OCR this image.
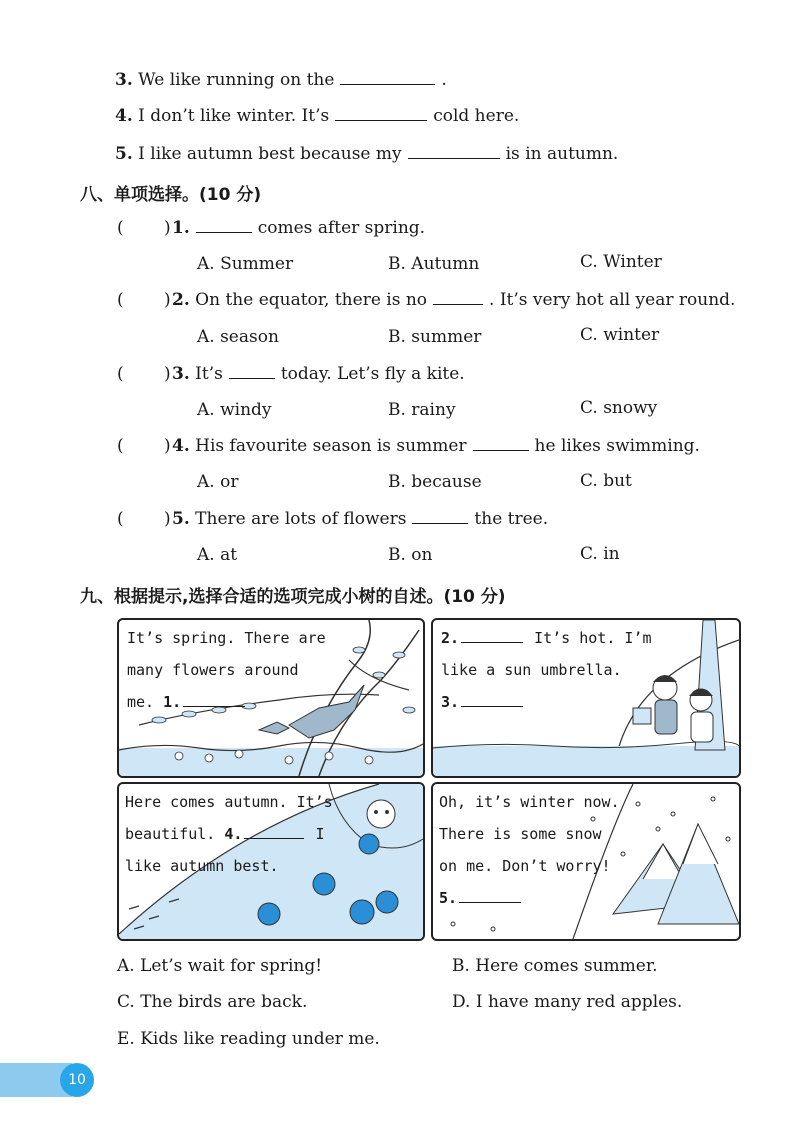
3. We like running on the	.
4. I don’t like winter. It’s	cold here.
5. I like autumn best because my	is in autumn.
八、单项选择。(10 分)
( ) 1.	comes after spring.
A. Summer	B. Autumn	C. Winter
( ) 2. On the equator, there is no	. It’s very hot all year round.
A. season	B. summer	C. winter
( ) 3. It’s	today. Let’s fly a kite.
A. windy	B. rainy	C. snowy
( ) 4. His favourite season is summer	he likes swimming.
A. or	B. because	C. but
( ) 5. There are lots of flowers	the tree.
A. at	B. on	C. in
九、根据提示,选择合适的选项完成小树的自述。(10 分)
It’s spring. There are
many flowers around
me. 1.
2.	It’s hot. I’m
like a sun umbrella.
3.
Here comes autumn. It’s
beautiful. 4.	I
like autumn best.
Oh, it’s winter now.
There is some snow
on me. Don’t worry!
5.
A. Let’s wait for spring!	B. Here comes summer.
C. The birds are back.	D. I have many red apples.
E. Kids like reading under me.
10
